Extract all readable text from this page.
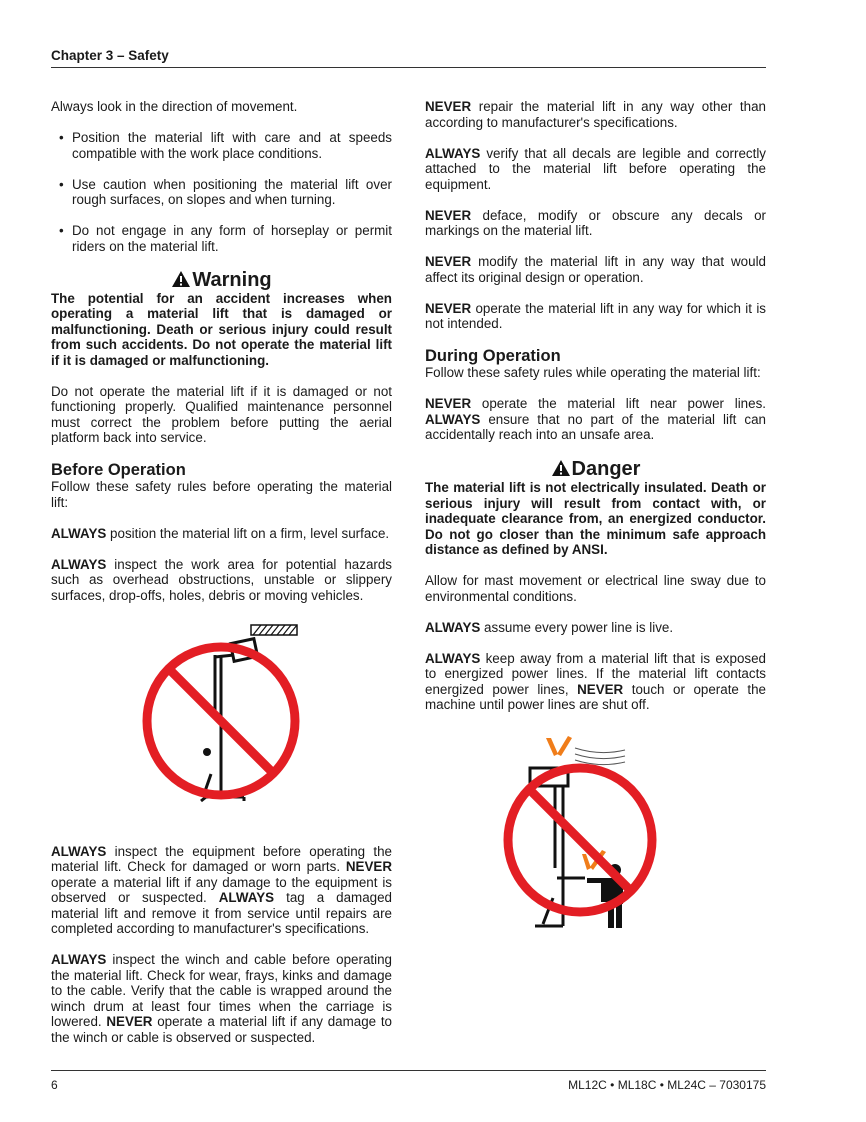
Chapter 3 – Safety

Always look in the direction of movement.

• Position the material lift with care and at speeds compatible with the work place conditions.
• Use caution when positioning the material lift over rough surfaces, on slopes and when turning.
• Do not engage in any form of horseplay or permit riders on the material lift.
Warning
The potential for an accident increases when operating a material lift that is damaged or malfunctioning. Death or serious injury could result from such accidents. Do not operate the material lift if it is damaged or malfunctioning.

Do not operate the material lift if it is damaged or not functioning properly. Qualified maintenance personnel must correct the problem before putting the aerial platform back into service.

Before Operation

Follow these safety rules before operating the material lift:

ALWAYS position the material lift on a firm, level surface.

ALWAYS inspect the work area for potential hazards such as overhead obstructions, unstable or slippery surfaces, drop-offs, holes, debris or moving vehicles.

ALWAYS inspect the equipment before operating the material lift. Check for damaged or worn parts. NEVER operate a material lift if any damage to the equipment is observed or suspected. ALWAYS tag a damaged material lift and remove it from service until repairs are completed according to manufacturer's specifications.

ALWAYS inspect the winch and cable before operating the material lift. Check for wear, frays, kinks and damage to the cable. Verify that the cable is wrapped around the winch drum at least four times when the carriage is lowered. NEVER operate a material lift if any damage to the winch or cable is observed or suspected.

NEVER repair the material lift in any way other than according to manufacturer's specifications.

ALWAYS verify that all decals are legible and correctly attached to the material lift before operating the equipment.

NEVER deface, modify or obscure any decals or markings on the material lift.

NEVER modify the material lift in any way that would affect its original design or operation.

NEVER operate the material lift in any way for which it is not intended.

During Operation

Follow these safety rules while operating the material lift:

NEVER operate the material lift near power lines. ALWAYS ensure that no part of the material lift can accidentally reach into an unsafe area.

Danger
The material lift is not electrically insulated. Death or serious injury will result from contact with, or inadequate clearance from, an energized conductor. Do not go closer than the minimum safe approach distance as defined by ANSI.

Allow for mast movement or electrical line sway due to environmental conditions.

ALWAYS assume every power line is live.

ALWAYS keep away from a material lift that is exposed to energized power lines. If the material lift contacts energized power lines, NEVER touch or operate the machine until power lines are shut off.

6	ML12C • ML18C • ML24C – 7030175
